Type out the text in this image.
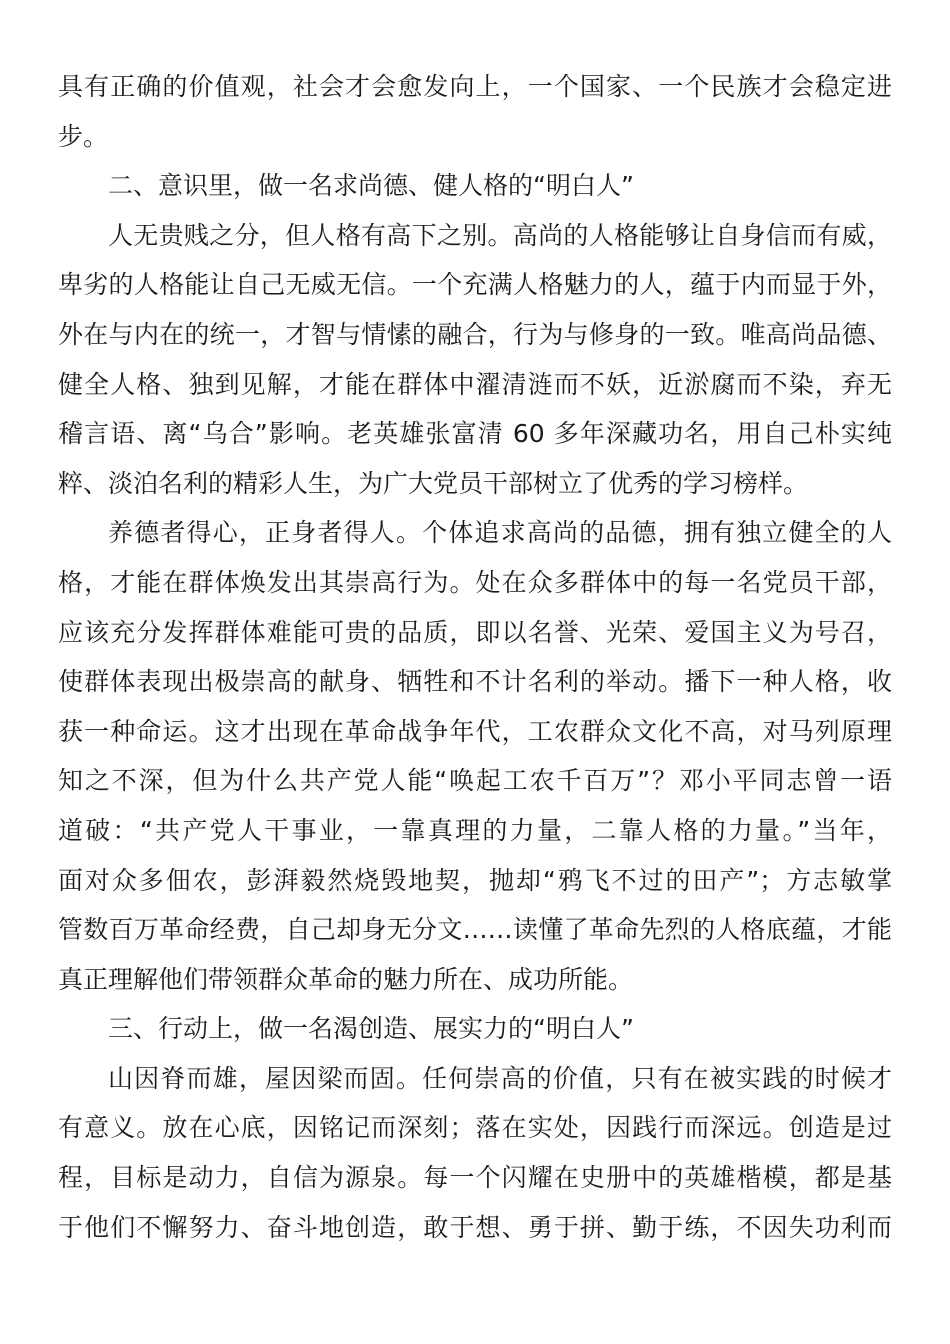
具有正确的价值观，社会才会愈发向上，一个国家、一个民族才会稳定进
步。
二、意识里，做一名求尚德、健人格的“明白人”
人无贵贱之分，但人格有高下之别。高尚的人格能够让自身信而有威，
卑劣的人格能让自己无威无信。一个充满人格魅力的人，蕴于内而显于外，
外在与内在的统一，才智与情愫的融合，行为与修身的一致。唯高尚品德、
健全人格、独到见解，才能在群体中濯清涟而不妖，近淤腐而不染，弃无
稽言语、离“乌合”影响。老英雄张富清 60 多年深藏功名，用自己朴实纯
粹、淡泊名利的精彩人生，为广大党员干部树立了优秀的学习榜样。
养德者得心，正身者得人。个体追求高尚的品德，拥有独立健全的人
格，才能在群体焕发出其崇高行为。处在众多群体中的每一名党员干部，
应该充分发挥群体难能可贵的品质，即以名誉、光荣、爱国主义为号召，
使群体表现出极崇高的献身、牺牲和不计名利的举动。播下一种人格，收
获一种命运。这才出现在革命战争年代，工农群众文化不高，对马列原理
知之不深，但为什么共产党人能“唤起工农千百万”？邓小平同志曾一语
道破：“共产党人干事业，一靠真理的力量，二靠人格的力量。”当年，
面对众多佃农，彭湃毅然烧毁地契，抛却“鸦飞不过的田产”；方志敏掌
管数百万革命经费，自己却身无分文……读懂了革命先烈的人格底蕴，才能
真正理解他们带领群众革命的魅力所在、成功所能。
三、行动上，做一名渴创造、展实力的“明白人”
山因脊而雄，屋因梁而固。任何崇高的价值，只有在被实践的时候才
有意义。放在心底，因铭记而深刻；落在实处，因践行而深远。创造是过
程，目标是动力，自信为源泉。每一个闪耀在史册中的英雄楷模，都是基
于他们不懈努力、奋斗地创造，敢于想、勇于拼、勤于练，不因失功利而
